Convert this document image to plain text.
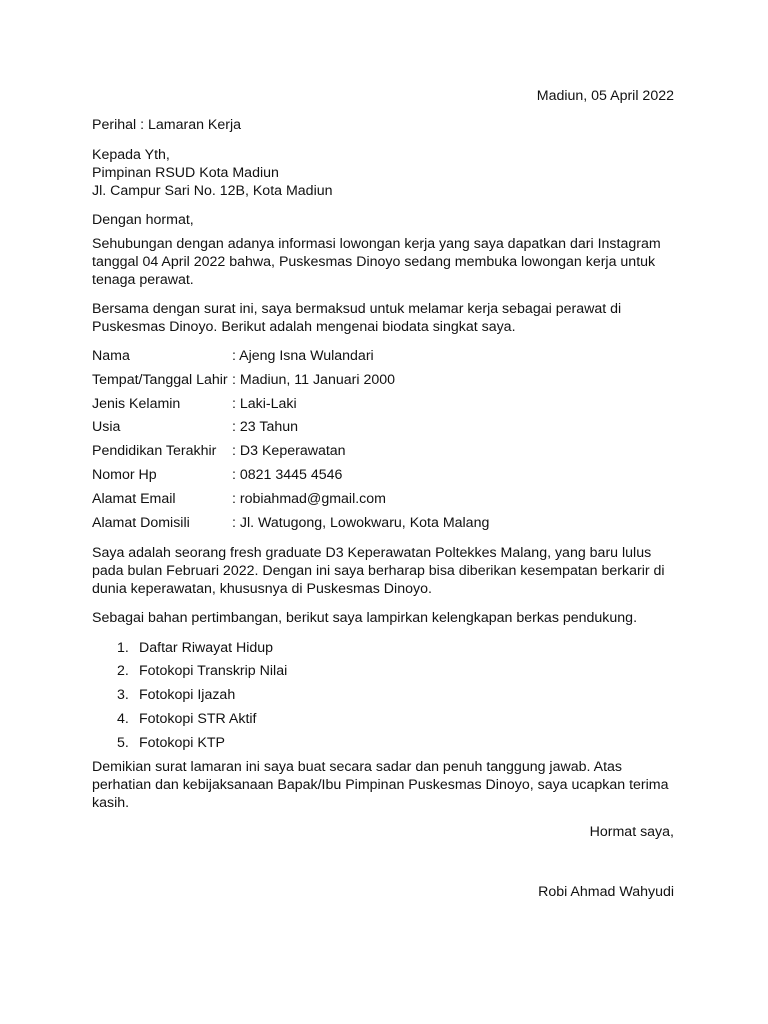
Madiun, 05 April 2022
Perihal : Lamaran Kerja
Kepada Yth,
Pimpinan RSUD Kota Madiun
Jl. Campur Sari No. 12B, Kota Madiun
Dengan hormat,
Sehubungan dengan adanya informasi lowongan kerja yang saya dapatkan dari Instagram
tanggal 04 April 2022 bahwa, Puskesmas Dinoyo sedang membuka lowongan kerja untuk
tenaga perawat.
Bersama dengan surat ini, saya bermaksud untuk melamar kerja sebagai perawat di
Puskesmas Dinoyo. Berikut adalah mengenai biodata singkat saya.
Nama	: Ajeng Isna Wulandari
Tempat/Tanggal Lahir : Madiun, 11 Januari 2000
Jenis Kelamin	: Laki-Laki
Usia	: 23 Tahun
Pendidikan Terakhir : D3 Keperawatan
Nomor Hp	: 0821 3445 4546
Alamat Email	: robiahmad@gmail.com
Alamat Domisili	: Jl. Watugong, Lowokwaru, Kota Malang
Saya adalah seorang fresh graduate D3 Keperawatan Poltekkes Malang, yang baru lulus
pada bulan Februari 2022. Dengan ini saya berharap bisa diberikan kesempatan berkarir di
dunia keperawatan, khususnya di Puskesmas Dinoyo.
Sebagai bahan pertimbangan, berikut saya lampirkan kelengkapan berkas pendukung.
1. Daftar Riwayat Hidup
2. Fotokopi Transkrip Nilai
3. Fotokopi Ijazah
4. Fotokopi STR Aktif
5. Fotokopi KTP
Demikian surat lamaran ini saya buat secara sadar dan penuh tanggung jawab. Atas
perhatian dan kebijaksanaan Bapak/Ibu Pimpinan Puskesmas Dinoyo, saya ucapkan terima
kasih.
Hormat saya,
Robi Ahmad Wahyudi
